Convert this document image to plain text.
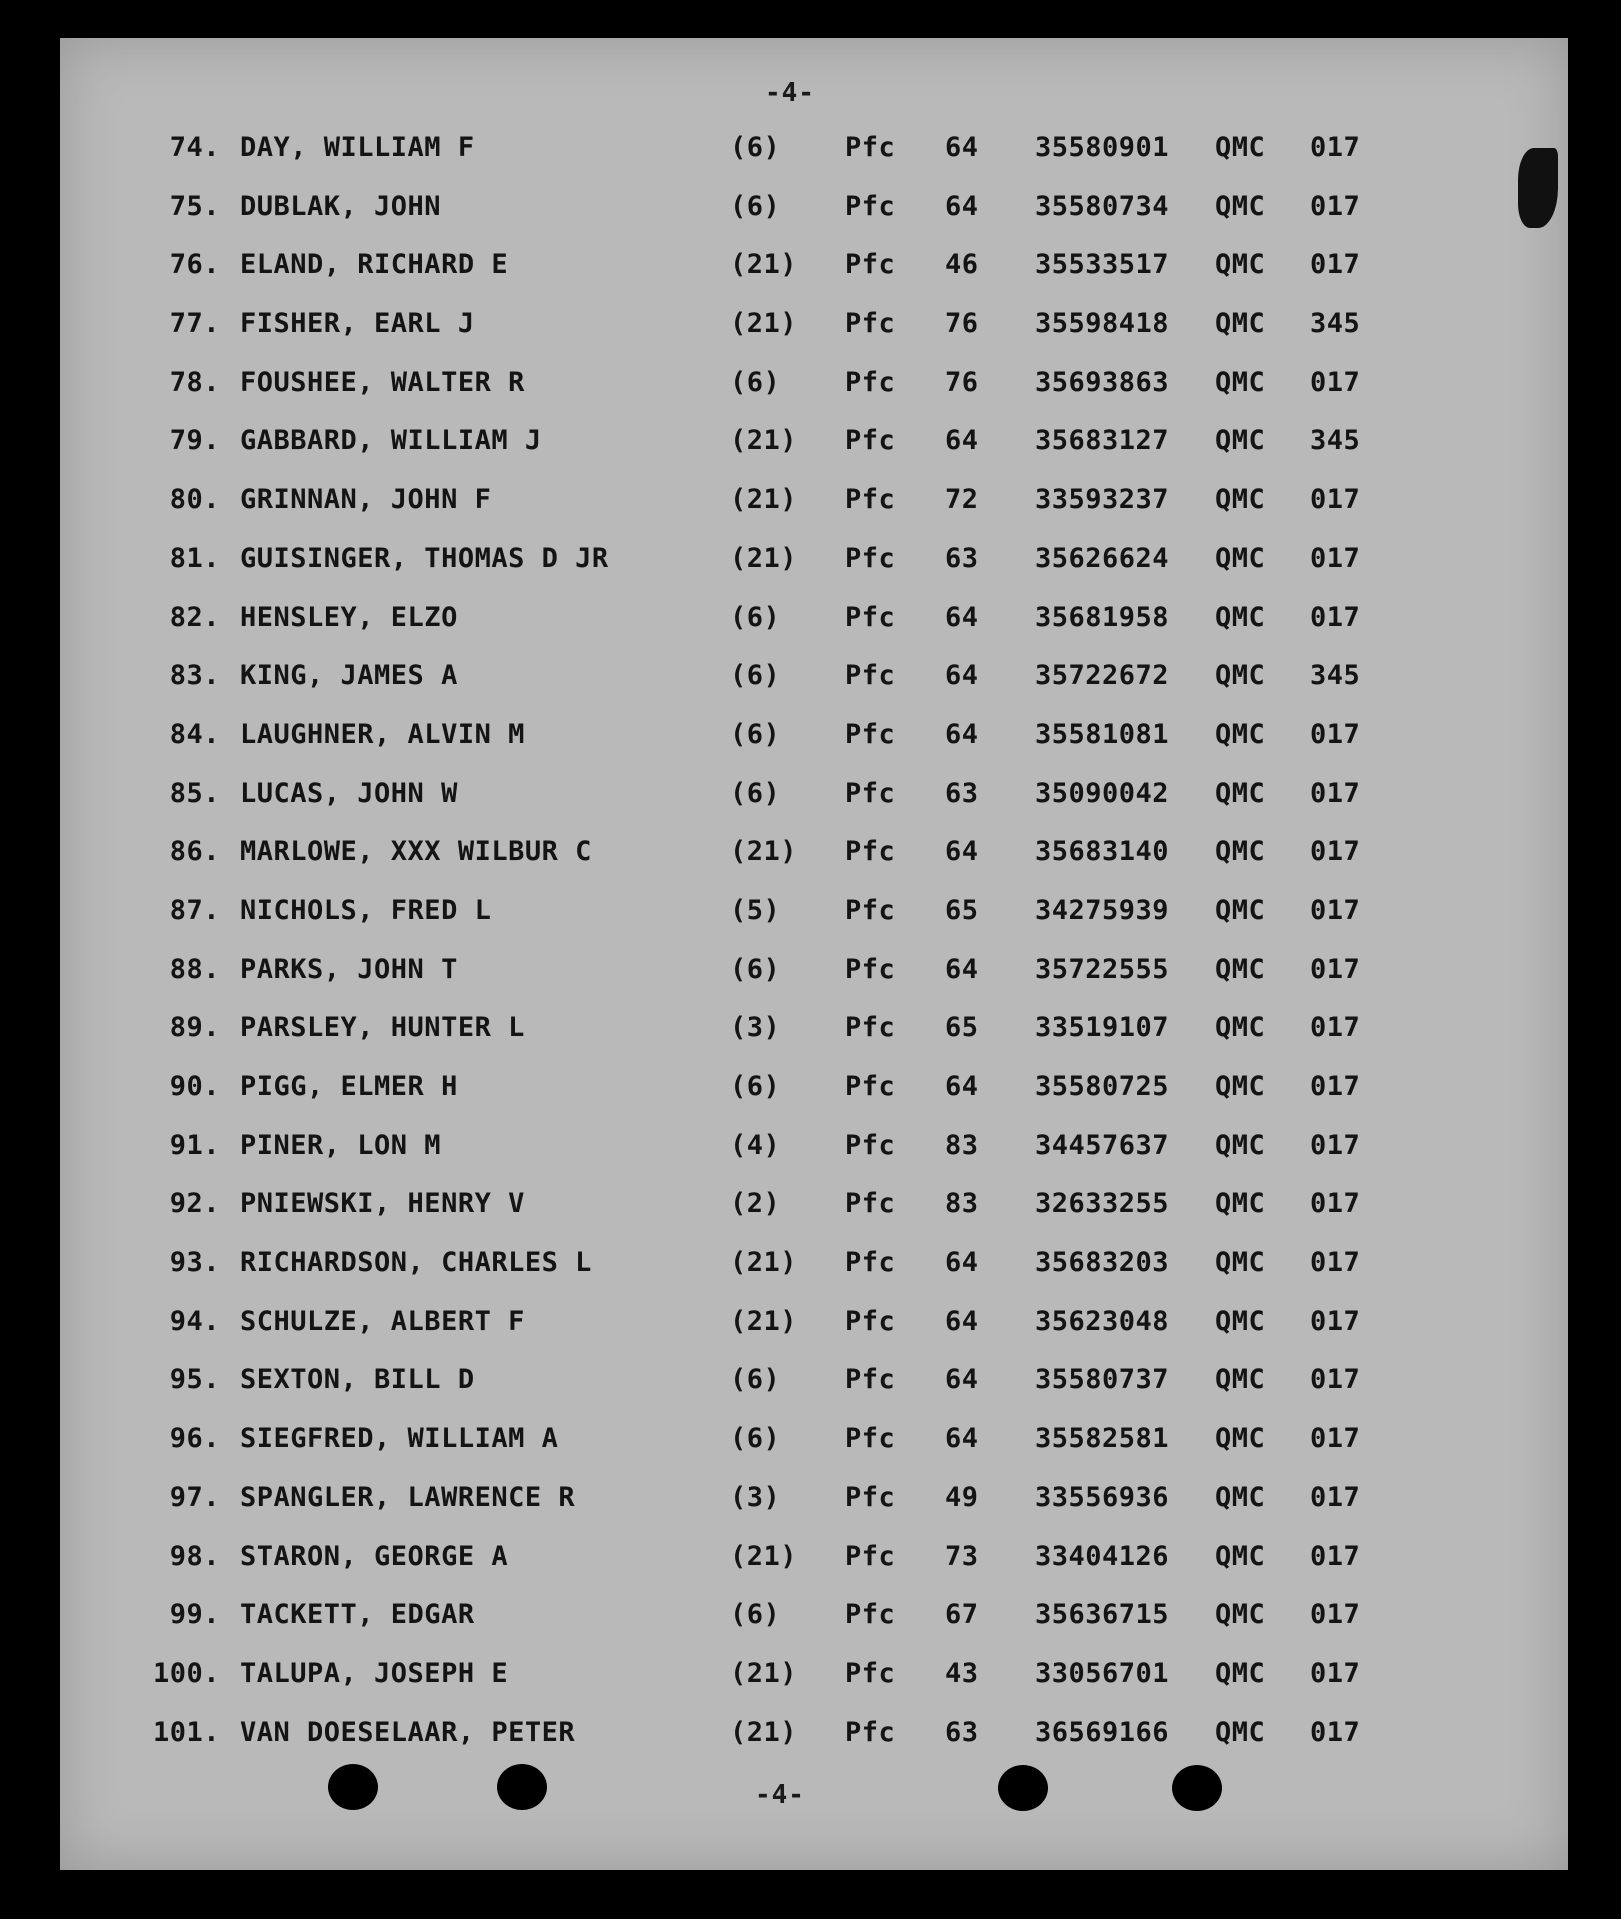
-4-
74. DAY, WILLIAM F	(6) Pfc 64 35580901 QMC 017
75. DUBLAK, JOHN	(6) Pfc 64 35580734 QMC 017
76. ELAND, RICHARD E	(21) Pfc 46 35533517 QMC 017
77. FISHER, EARL J	(21) Pfc 76 35598418 QMC 345
78. FOUSHEE, WALTER R	(6) Pfc 76 35693863 QMC 017
79. GABBARD, WILLIAM J	(21) Pfc 64 35683127 QMC 345
80. GRINNAN, JOHN F	(21) Pfc 72 33593237 QMC 017
81. GUISINGER, THOMAS D JR	(21) Pfc 63 35626624 QMC 017
82. HENSLEY, ELZO	(6) Pfc 64 35681958 QMC 017
83. KING, JAMES A	(6) Pfc 64 35722672 QMC 345
84. LAUGHNER, ALVIN M	(6) Pfc 64 35581081 QMC 017
85. LUCAS, JOHN W	(6) Pfc 63 35090042 QMC 017
86. MARLOWE, XXX WILBUR C	(21) Pfc 64 35683140 QMC 017
87. NICHOLS, FRED L	(5) Pfc 65 34275939 QMC 017
88. PARKS, JOHN T	(6) Pfc 64 35722555 QMC 017
89. PARSLEY, HUNTER L	(3) Pfc 65 33519107 QMC 017
90. PIGG, ELMER H	(6) Pfc 64 35580725 QMC 017
91. PINER, LON M	(4) Pfc 83 34457637 QMC 017
92. PNIEWSKI, HENRY V	(2) Pfc 83 32633255 QMC 017
93. RICHARDSON, CHARLES L	(21) Pfc 64 35683203 QMC 017
94. SCHULZE, ALBERT F	(21) Pfc 64 35623048 QMC 017
95. SEXTON, BILL D	(6) Pfc 64 35580737 QMC 017
96. SIEGFRED, WILLIAM A	(6) Pfc 64 35582581 QMC 017
97. SPANGLER, LAWRENCE R	(3) Pfc 49 33556936 QMC 017
98. STARON, GEORGE A	(21) Pfc 73 33404126 QMC 017
99. TACKETT, EDGAR	(6) Pfc 67 35636715 QMC 017
100. TALUPA, JOSEPH E	(21) Pfc 43 33056701 QMC 017
101. VAN DOESELAAR, PETER	(21) Pfc 63 36569166 QMC 017
-4-
